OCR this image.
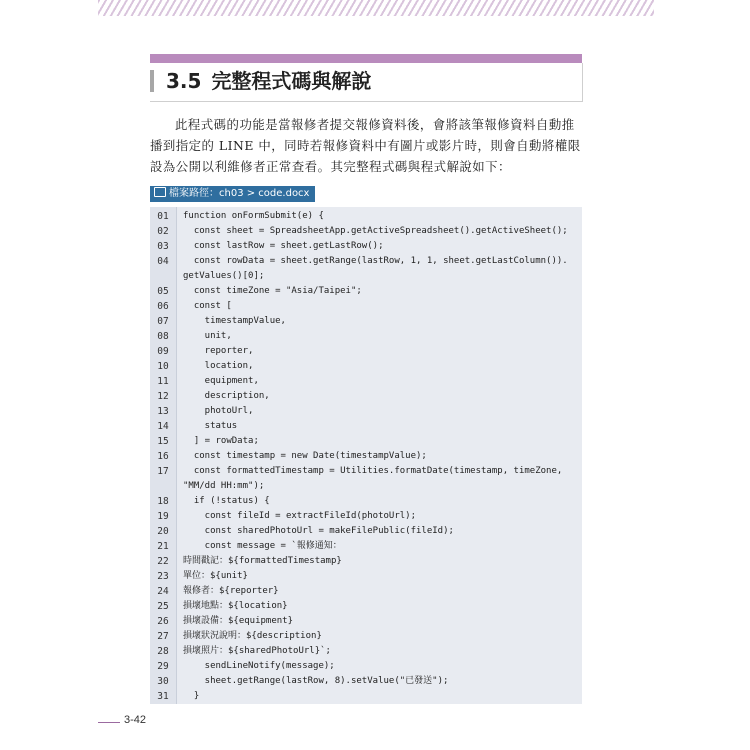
3.5 完整程式碼與解說

此程式碼的功能是當報修者提交報修資料後，會將該筆報修資料自動推播到指定的 LINE 中，同時若報修資料中有圖片或影片時，則會自動將權限設為公開以利維修者正常查看。其完整程式碼與程式解說如下：

檔案路徑：ch03 > code.docx
01	function onFormSubmit(e) {
02	const sheet = SpreadsheetApp.getActiveSpreadsheet().getActiveSheet();
03	const lastRow = sheet.getLastRow();
04	const rowData = sheet.getRange(lastRow, 1, 1, sheet.getLastColumn()).
getValues()[0];
05	const timeZone = "Asia/Taipei";
06	const [
07	timestampValue,
08	unit,
09	reporter,
10	location,
11	equipment,
12	description,
13	photoUrl,
14	status
15	] = rowData;
16	const timestamp = new Date(timestampValue);
17	const formattedTimestamp = Utilities.formatDate(timestamp, timeZone,
"MM/dd HH:mm");
18	if (!status) {
19	const fileId = extractFileId(photoUrl);
20	const sharedPhotoUrl = makeFilePublic(fileId);
21	const message = `報修通知：
22	時間戳記：${formattedTimestamp}
23	單位：${unit}
24	報修者：${reporter}
25	損壞地點：${location}
26	損壞設備：${equipment}
27	損壞狀況說明：${description}
28	損壞照片：${sharedPhotoUrl}`;
29	sendLineNotify(message);
30	sheet.getRange(lastRow, 8).setValue("已發送");
31	}
3-42
